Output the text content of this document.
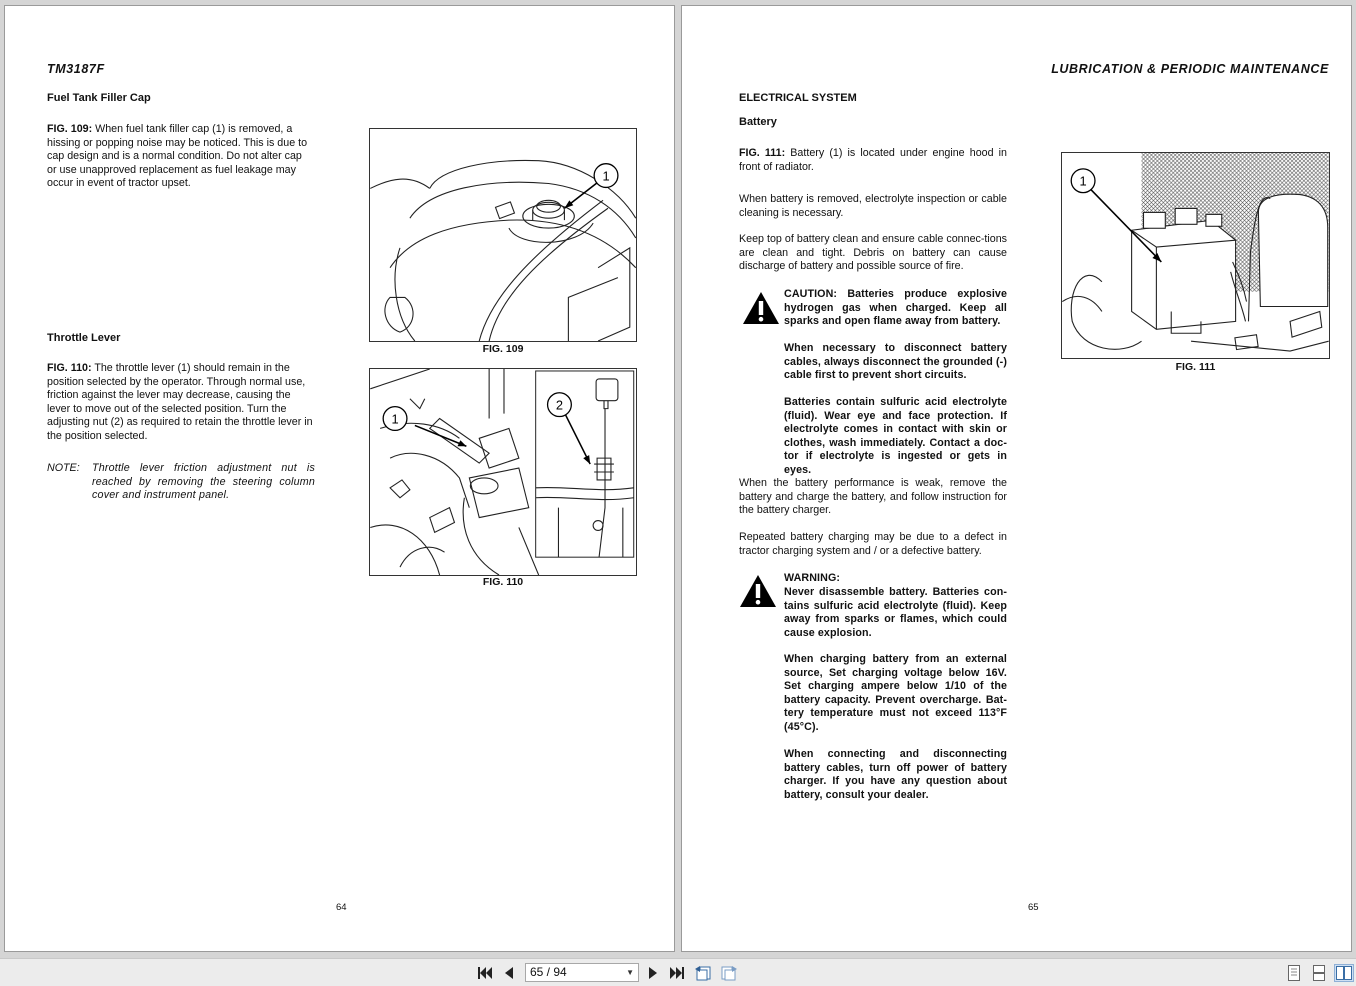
TM3187F
Fuel Tank Filler Cap
FIG. 109: When fuel tank filler cap (1) is removed, a hissing or popping noise may be noticed. This is due to cap design and is a normal condition. Do not alter cap or use unapproved replacement as fuel leakage may occur in event of tractor upset.	1
FIG. 109
Throttle Lever
FIG. 110: The throttle lever (1) should remain in the position selected by the operator. Through normal use, friction against the lever may decrease, causing the lever to move out of the selected position. Turn the adjusting nut (2) as required to retain the throttle lever in the position selected.
NOTE: Throttle lever friction adjustment nut is reached by removing the steering column cover and instrument panel.
1
2
FIG. 110
64
LUBRICATION & PERIODIC MAINTENANCE
ELECTRICAL SYSTEM
Battery
FIG. 111: Battery (1) is located under engine hood in front of radiator.
When battery is removed, electrolyte inspection or cable cleaning is necessary.
Keep top of battery clean and ensure cable connec-tions are clean and tight. Debris on battery can cause discharge of battery and possible source of fire.
CAUTION: Batteries produce explosive hydrogen gas when charged. Keep all sparks and open flame away from battery.
When necessary to disconnect battery cables, always disconnect the grounded (-) cable first to prevent short circuits.
Batteries contain sulfuric acid electrolyte (fluid). Wear eye and face protection. If electrolyte comes in contact with skin or clothes, wash immediately. Contact a doc-tor if electrolyte is ingested or gets in eyes.
When the battery performance is weak, remove the battery and charge the battery, and follow instruction for the battery charger.
Repeated battery charging may be due to a defect in tractor charging system and / or a defective battery.
WARNING:
Never disassemble battery. Batteries con-tains sulfuric acid electrolyte (fluid). Keep away from sparks or flames, which could cause explosion.
When charging battery from an external source, Set charging voltage below 16V. Set charging ampere below 1/10 of the battery capacity. Prevent overcharge. Bat-tery temperature must not exceed 113°F (45°C).
When connecting and disconnecting battery cables, turn off power of battery charger. If you have any question about battery, consult your dealer.
1
FIG. 111
65
65 / 94	▼
